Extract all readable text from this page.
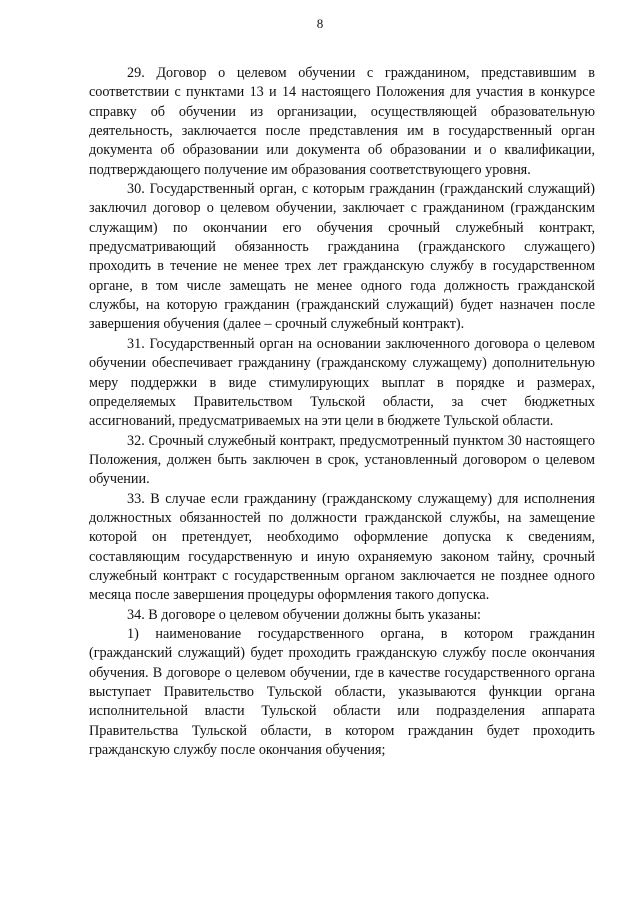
8

29. Договор о целевом обучении с гражданином, представившим в соответствии с пунктами 13 и 14 настоящего Положения для участия в конкурсе справку об обучении из организации, осуществляющей образовательную деятельность, заключается после представления им в государственный орган документа об образовании или документа об образовании и о квалификации, подтверждающего получение им образования соответствующего уровня.

30. Государственный орган, с которым гражданин (гражданский служащий) заключил договор о целевом обучении, заключает с гражданином (гражданским служащим) по окончании его обучения срочный служебный контракт, предусматривающий обязанность гражданина (гражданского служащего) проходить в течение не менее трех лет гражданскую службу в государственном органе, в том числе замещать не менее одного года должность гражданской службы, на которую гражданин (гражданский служащий) будет назначен после завершения обучения (далее – срочный служебный контракт).

31. Государственный орган на основании заключенного договора о целевом обучении обеспечивает гражданину (гражданскому служащему) дополнительную меру поддержки в виде стимулирующих выплат в порядке и размерах, определяемых Правительством Тульской области, за счет бюджетных ассигнований, предусматриваемых на эти цели в бюджете Тульской области.

32. Срочный служебный контракт, предусмотренный пунктом 30 настоящего Положения, должен быть заключен в срок, установленный договором о целевом обучении.

33. В случае если гражданину (гражданскому служащему) для исполнения должностных обязанностей по должности гражданской службы, на замещение которой он претендует, необходимо оформление допуска к сведениям, составляющим государственную и иную охраняемую законом тайну, срочный служебный контракт с государственным органом заключается не позднее одного месяца после завершения процедуры оформления такого допуска.

34. В договоре о целевом обучении должны быть указаны:

1) наименование государственного органа, в котором гражданин (гражданский служащий) будет проходить гражданскую службу после окончания обучения. В договоре о целевом обучении, где в качестве государственного органа выступает Правительство Тульской области, указываются функции органа исполнительной власти Тульской области или подразделения аппарата Правительства Тульской области, в котором гражданин будет проходить гражданскую службу после окончания обучения;
